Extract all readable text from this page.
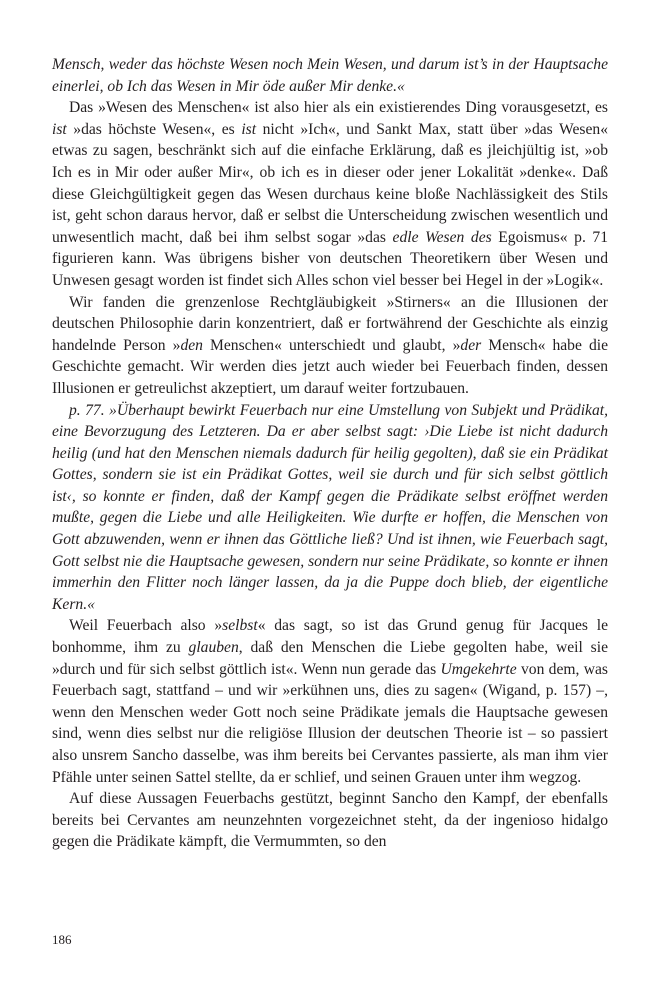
Mensch, weder das höchste Wesen noch Mein Wesen, und darum ist’s in der Hauptsache einerlei, ob Ich das Wesen in Mir öde außer Mir denke.«

Das »Wesen des Menschen« ist also hier als ein existierendes Ding vorausgesetzt, es ist »das höchste Wesen«, es ist nicht »Ich«, und Sankt Max, statt über »das Wesen« etwas zu sagen, beschränkt sich auf die einfache Erklärung, daß es jleichjültig ist, »ob Ich es in Mir oder außer Mir«, ob ich es in dieser oder jener Lokalität »denke«. Daß diese Gleichgültigkeit gegen das Wesen durchaus keine bloße Nachlässigkeit des Stils ist, geht schon daraus hervor, daß er selbst die Unterscheidung zwischen wesentlich und unwesentlich macht, daß bei ihm selbst sogar »das edle Wesen des Egoismus« p. 71 figurieren kann. Was übrigens bisher von deutschen Theoretikern über Wesen und Unwesen gesagt worden ist findet sich Alles schon viel besser bei Hegel in der »Logik«.

Wir fanden die grenzenlose Rechtgläubigkeit »Stirners« an die Illusionen der deutschen Philosophie darin konzentriert, daß er fortwährend der Geschichte als einzig handelnde Person »den Menschen« unterschiedt und glaubt, »der Mensch« habe die Geschichte gemacht. Wir werden dies jetzt auch wieder bei Feuerbach finden, dessen Illusionen er getreulichst akzeptiert, um darauf weiter fortzubauen.

p. 77. »Überhaupt bewirkt Feuerbach nur eine Umstellung von Subjekt und Prädikat, eine Bevorzugung des Letzteren. Da er aber selbst sagt: ›Die Liebe ist nicht dadurch heilig (und hat den Menschen niemals dadurch für heilig gegolten), daß sie ein Prädikat Gottes, sondern sie ist ein Prädikat Gottes, weil sie durch und für sich selbst göttlich ist‹, so konnte er finden, daß der Kampf gegen die Prädikate selbst eröffnet werden mußte, gegen die Liebe und alle Heiligkeiten. Wie durfte er hoffen, die Menschen von Gott abzuwenden, wenn er ihnen das Göttliche ließ? Und ist ihnen, wie Feuerbach sagt, Gott selbst nie die Hauptsache gewesen, sondern nur seine Prädikate, so konnte er ihnen immerhin den Flitter noch länger lassen, da ja die Puppe doch blieb, der eigentliche Kern.«

Weil Feuerbach also »selbst« das sagt, so ist das Grund genug für Jacques le bonhomme, ihm zu glauben, daß den Menschen die Liebe gegolten habe, weil sie »durch und für sich selbst göttlich ist«. Wenn nun gerade das Umgekehrte von dem, was Feuerbach sagt, stattfand – und wir »erkühnen uns, dies zu sagen« (Wigand, p. 157) –, wenn den Menschen weder Gott noch seine Prädikate jemals die Hauptsache gewesen sind, wenn dies selbst nur die religiöse Illusion der deutschen Theorie ist – so passiert also unsrem Sancho dasselbe, was ihm bereits bei Cervantes passierte, als man ihm vier Pfähle unter seinen Sattel stellte, da er schlief, und seinen Grauen unter ihm wegzog.

Auf diese Aussagen Feuerbachs gestützt, beginnt Sancho den Kampf, der ebenfalls bereits bei Cervantes am neunzehnten vorgezeichnet steht, da der ingenioso hidalgo gegen die Prädikate kämpft, die Vermummten, so den

186
